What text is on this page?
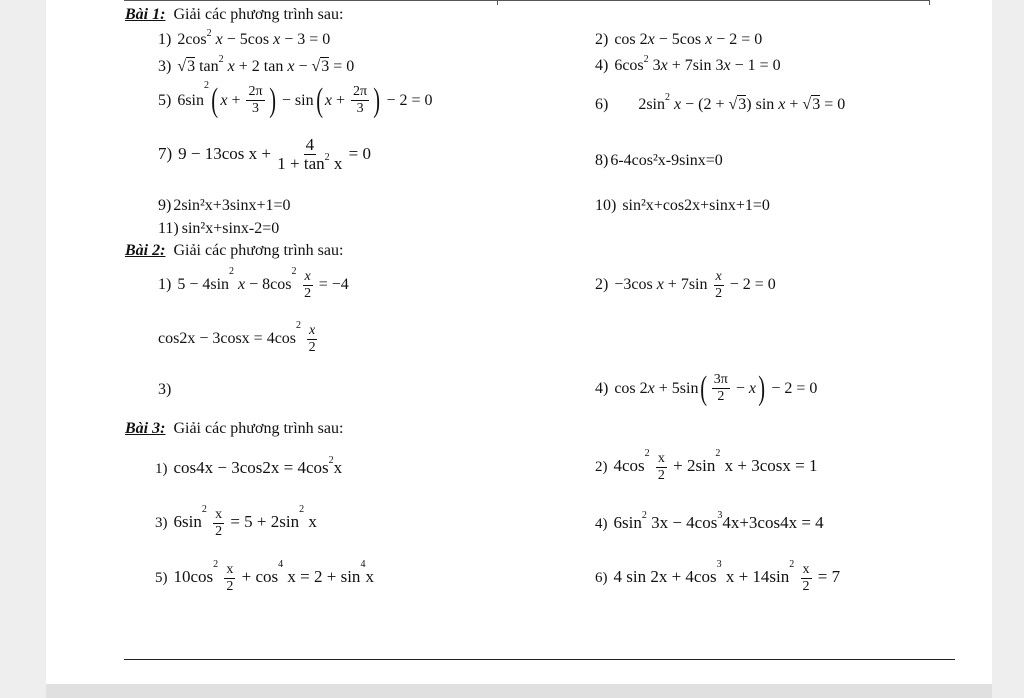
Bài 1: Giải các phương trình sau:
1) $2\cos^2$ x − 5cos x − 3 = 0	2) cos 2x − 5cos x − 2 = 0
3) √3 $\tan^2 x + 2$ tan x − √3 = 0	4) $6\cos^2$ 3x + 7sin 3x − 1 = 0
5) $6\sin^2$( $x + \frac{2\pi}{3}$ ) − sin( $x + \frac{2\pi}{3}$ ) − 2 = 0	6) $2\sin^2$ x − (2 + √3) sin x + √3 = 0
7) 9 − 13cos $x + \frac{4}{1 + \tan^2 x} = 0$	8) 6-4cos²x-9sinx=0
9) 2sin²x+3sinx+1=0	10) sin²x+cos2x+sinx+1=0
11) sin²x+sinx-2=0
Bài 2: Giải các phương trình sau:
1) $5 - 4\sin^2$ $x - 8\cos^2 \frac{x}{2} = -4$	2) −3cos $x + 7\sin \frac{x}{2} - 2 = 0$
$\cos 2x - 3\cos x = 4\cos^2 \frac{x}{2}$
3)	4) $\cos 2x + 5\sin( \frac{3\pi}{2} - x) - 2 = 0$
Bài 3: Giải các phương trình sau:
1) $\cos 4x - 3\cos 2x = 4\cos^2x$	2) $4\cos^2 \frac{x}{2} + 2\sin^2$ x + 3cosx = 1
3) $6\sin^2 \frac{x}{2} = 5 + 2\sin^2$ x	4) $6\sin^2$ $3x - 4\cos^34x+3\cos 4x = 4$
5) $10\cos^2 \frac{x}{2} + \cos^4 x = 2 + \sin^4x$	6) 4 $\sin 2x + 4\cos^3$ $x + 14\sin^2 \frac{x}{2} = 7$
